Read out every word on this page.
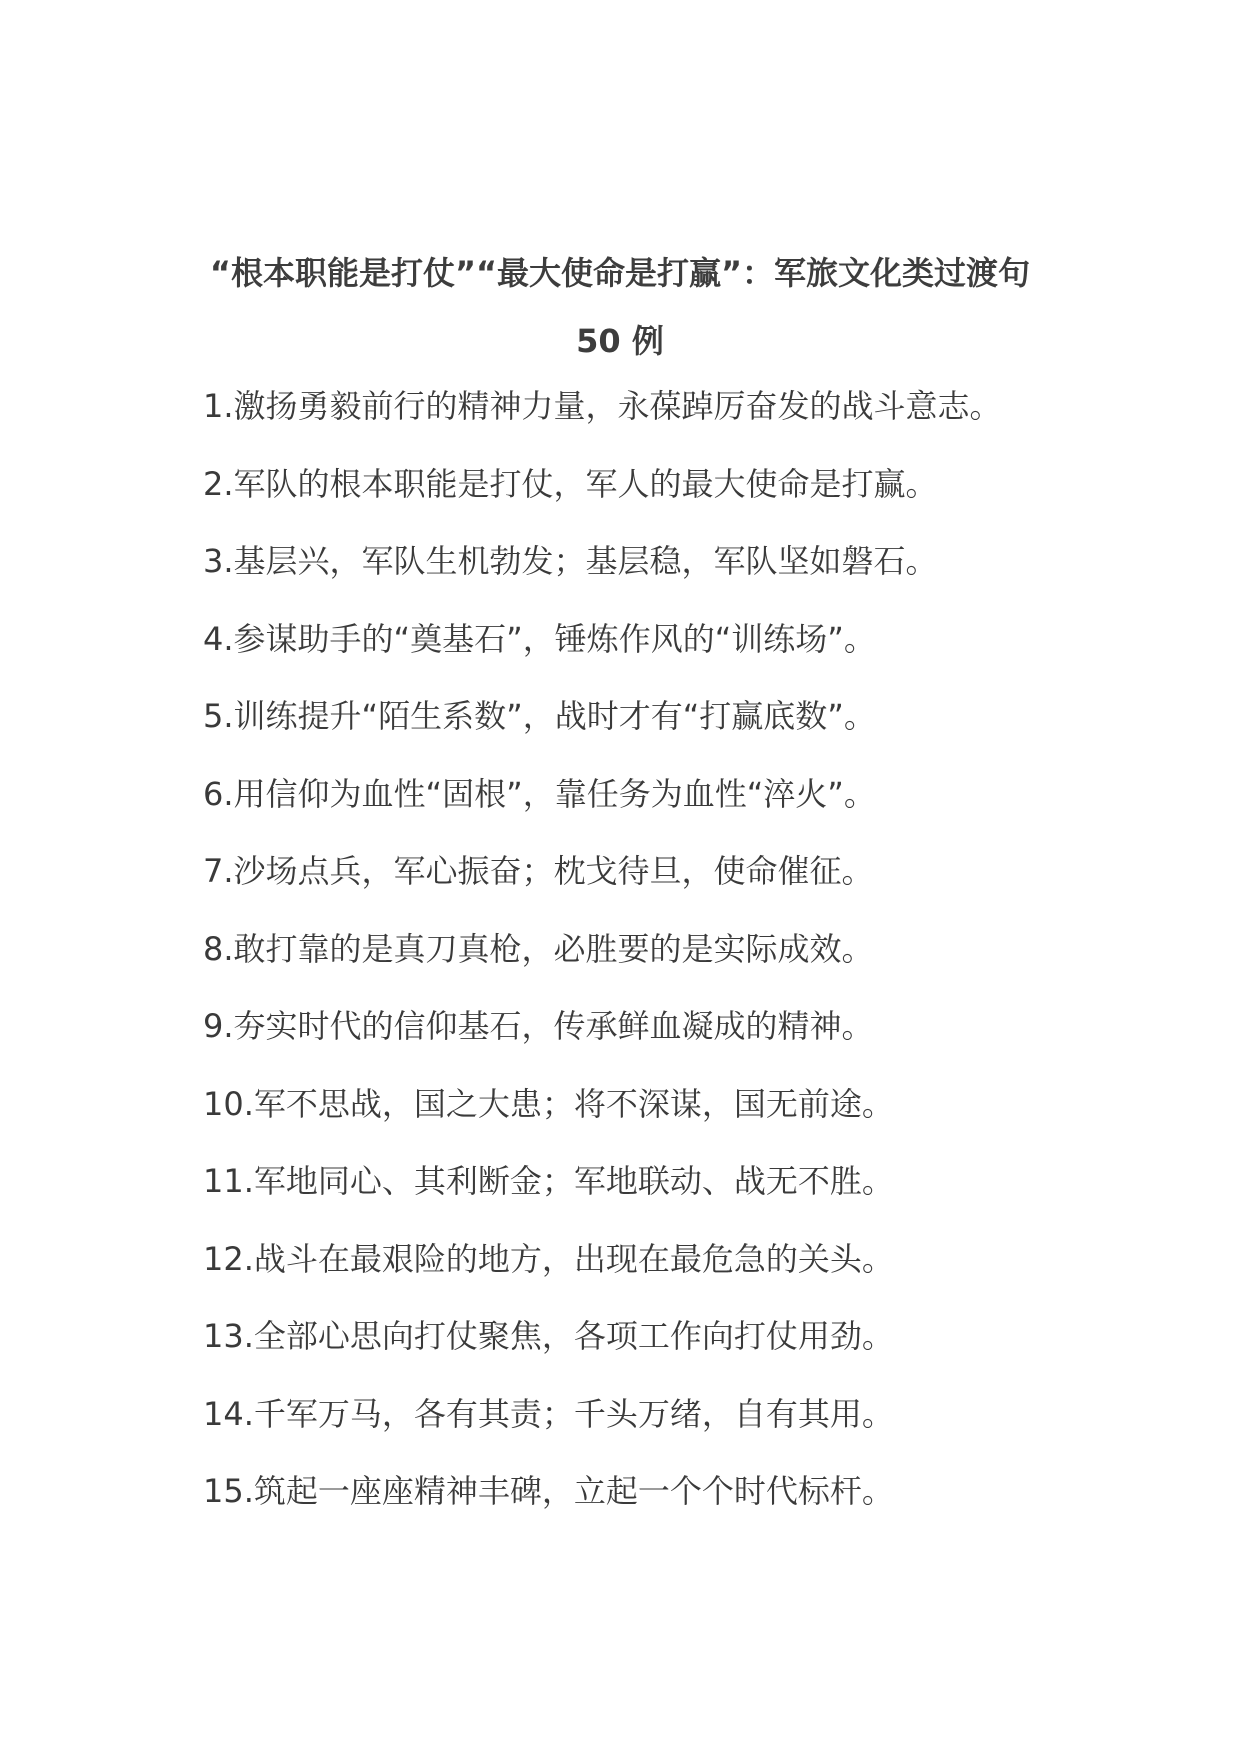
“根本职能是打仗”“最大使命是打赢”：军旅文化类过渡句
50 例
1.激扬勇毅前行的精神力量，永葆踔厉奋发的战斗意志。
2.军队的根本职能是打仗，军人的最大使命是打赢。
3.基层兴，军队生机勃发；基层稳，军队坚如磐石。
4.参谋助手的“奠基石”，锤炼作风的“训练场”。
5.训练提升“陌生系数”，战时才有“打赢底数”。
6.用信仰为血性“固根”，靠任务为血性“淬火”。
7.沙场点兵，军心振奋；枕戈待旦，使命催征。
8.敢打靠的是真刀真枪，必胜要的是实际成效。
9.夯实时代的信仰基石，传承鲜血凝成的精神。
10.军不思战，国之大患；将不深谋，国无前途。
11.军地同心、其利断金；军地联动、战无不胜。
12.战斗在最艰险的地方，出现在最危急的关头。
13.全部心思向打仗聚焦，各项工作向打仗用劲。
14.千军万马，各有其责；千头万绪，自有其用。
15.筑起一座座精神丰碑，立起一个个时代标杆。
